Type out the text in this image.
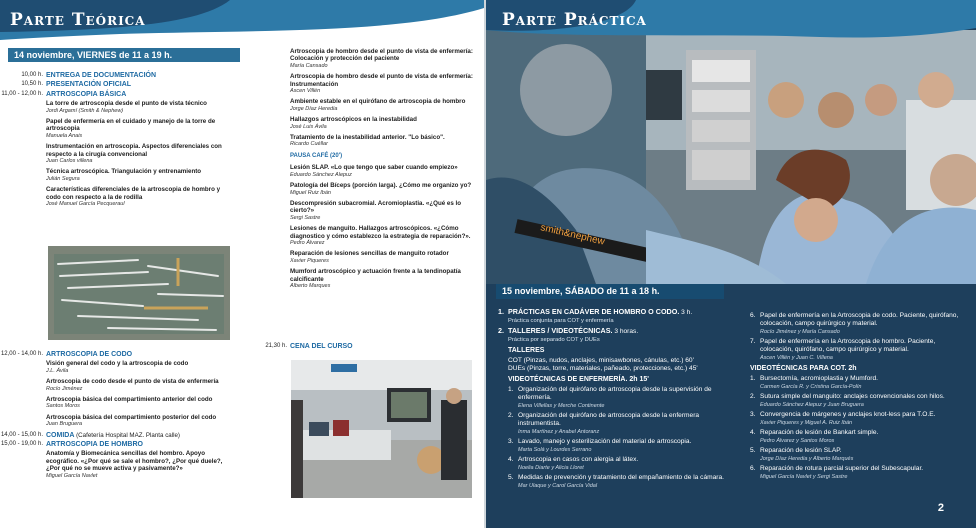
Parte Teórica
14 noviembre, VIERNES de 11 a 19 h.
10,00 h. ENTREGA DE DOCUMENTACIÓN
10,50 h. PRESENTACIÓN OFICIAL
11,00 - 12,00 h. ARTROSCOPIA BÁSICA
La torre de artroscopia desde el punto de vista técnico
Jordi Argamí (Smith & Nephew)
Papel de enfermería en el cuidado y manejo de la torre de artroscopia
Manuela Anais
Instrumentación en artroscopia. Aspectos diferenciales con respecto a la cirugía convencional
Juan Carlos villena
Técnica artroscópica. Triangulación y entrenamiento
Julián Segura
Características diferenciales de la artroscopia de hombro y codo con respecto a la de rodilla
José Manuel García Pecqueraul
12,00 - 14,00 h. ARTROSCOPIA DE CODO
Visión general del codo y la artroscopia de codo
J.L. Ávila
Artroscopia de codo desde el punto de vista de enfermería
Rocío Jiménez
Artroscopia básica del compartimiento anterior del codo
Santos Moros
Artroscopia básica del compartimiento posterior del codo
Juan Bruguera
14,00 - 15,00 h. COMIDA (Cafetería Hospital MAZ. Planta calle)
15,00 - 19,00 h. ARTROSCOPIA DE HOMBRO
Anatomía y Biomecánica sencillas del hombro. Apoyo ecográfico. «¿Por qué se sale el hombro?, ¿Por qué duele?, ¿Por qué no se mueve activa y pasivamente?»
Miguel García Navlet
Artroscopia de hombro desde el punto de vista de enfermería: Colocación y protección del paciente
María Cansado
Artroscopia de hombro desde el punto de vista de enfermería: Instrumentación
Ascen Villén
Ambiente estable en el quirófano de artroscopia de hombro
Jorge Díaz Heredia
Hallazgos artroscópicos en la inestabilidad
José Luis Ávila
Tratamiento de la inestabilidad anterior. "Lo básico".
Ricardo Cuéllar
PAUSA CAFÉ (20')
Lesión SLAP. «Lo que tengo que saber cuando empiezo»
Eduardo Sánchez Alepuz
Patología del Bíceps (porción larga). ¿Cómo me organizo yo?
Miguel Ruiz Ibán
Descompresión subacromial. Acromioplastia. «¿Qué es lo cierto?»
Sergi Sastre
Lesiones de manguito. Hallazgos artroscópicos. «¿Cómo diagnostico y cómo establezco la estrategia de reparación?».
Pedro Álvarez
Reparación de lesiones sencillas de manguito rotador
Xavier Piqueres
Mumford artroscópico y actuación frente a la tendinopatía calcificante
Alberto Marques
21,30 h. CENA DEL CURSO
smith&nephew
Parte Práctica
15 noviembre, SÁBADO de 11 a 18 h.
1. PRÁCTICAS EN CADÁVER DE HOMBRO O CODO. 3 h.
Práctica conjunta para COT y enfermería
2. TALLERES / VIDEOTÉCNICAS. 3 horas.
Práctica por separado COT y DUEs
TALLERES
COT (Pinzas, nudos, anclajes, minisawbones, cánulas, etc.) 60'
DUEs (Pinzas, torre, materiales, pañeado, protecciones, etc.) 45'
VIDEOTÉCNICAS DE ENFERMERÍA. 2h 15'
1. Organización del quirófano de artroscopia desde la supervisión de enfermería.
Elena Villellas y Merche Continente
2. Organización del quirófano de artroscopia desde la enfermera instrumentista.
Inma Martínez y Anabel Antoranz
3. Lavado, manejo y esterilización del material de artroscopia.
Marta Solá y Lourdes Serrano
4. Artroscopia en casos con alergia al látex.
Noelia Diarte y Alicia Lloret
5. Medidas de prevención y tratamiento del empañamiento de la cámara.
Mar Ulaque y Carol García Vidal
6. Papel de enfermería en la Artroscopia de codo. Paciente, quirófano, colocación, campo quirúrgico y material.
Rocío Jiménez y María Cansado
7. Papel de enfermería en la Artroscopia de hombro. Paciente, colocación, quirófano, campo quirúrgico y material.
Ascen Villén y Juan C. Villena
VIDEOTÉCNICAS PARA COT. 2h
1. Bursectomía, acromioplastia y Mumford.
Carmen García R. y Cristina García-Polín
2. Sutura simple del manguito: anclajes convencionales con hilos.
Eduardo Sánchez Alepuz y Juan Bruguera
3. Convergencia de márgenes y anclajes knot-less para T.O.E.
Xavier Piqueres y Miguel A. Ruiz Ibán
4. Reparación de lesión de Bankart simple.
Pedro Álvarez y Santos Moros
5. Reparación de lesión SLAP.
Jorge Díaz Heredia y Alberto Marqués
6. Reparación de rotura parcial superior del Subescapular.
Miguel García Navlet y Sergi Sastre
2
